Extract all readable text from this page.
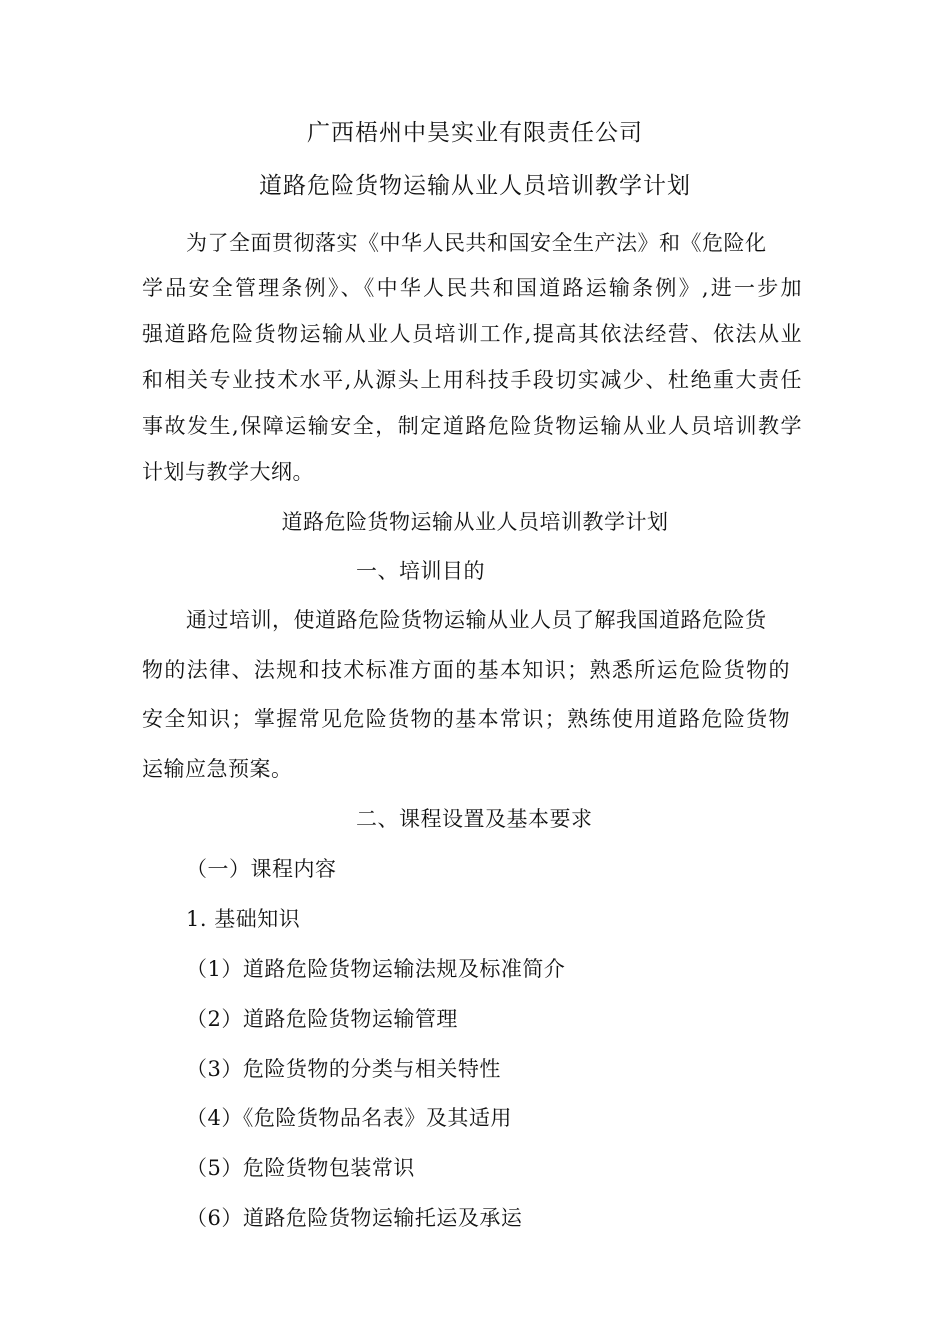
广西梧州中昊实业有限责任公司
道路危险货物运输从业人员培训教学计划
为了全面贯彻落实《中华人民共和国安全生产法》和《危险化
学品安全管理条例》、《中华人民共和国道路运输条例》,进一步加
强道路危险货物运输从业人员培训工作,提高其依法经营、依法从业
和相关专业技术水平,从源头上用科技手段切实减少、杜绝重大责任
事故发生,保障运输安全，制定道路危险货物运输从业人员培训教学
计划与教学大纲。
道路危险货物运输从业人员培训教学计划
一、培训目的
通过培训，使道路危险货物运输从业人员了解我国道路危险货
物的法律、法规和技术标准方面的基本知识；熟悉所运危险货物的
安全知识；掌握常见危险货物的基本常识；熟练使用道路危险货物
运输应急预案。
二、课程设置及基本要求
（一）课程内容
1. 基础知识
（1）道路危险货物运输法规及标准简介
（2）道路危险货物运输管理
（3）危险货物的分类与相关特性
（4）《危险货物品名表》及其适用
（5）危险货物包装常识
（6）道路危险货物运输托运及承运
